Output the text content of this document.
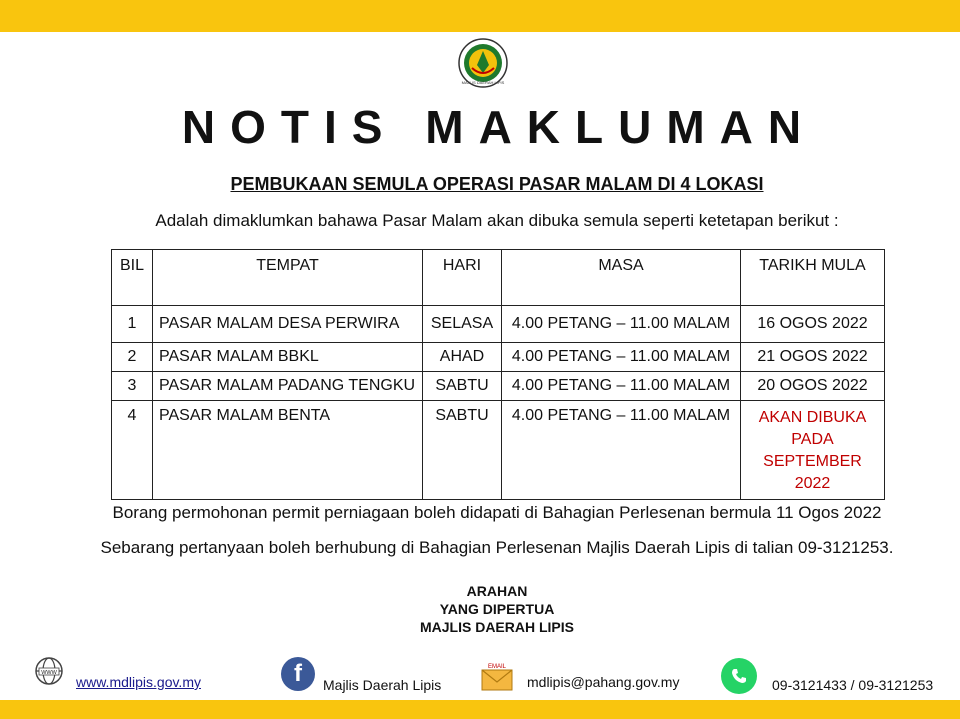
MAJLIS DAERAH LIPIS
NOTIS MAKLUMAN
PEMBUKAAN SEMULA OPERASI PASAR MALAM DI 4 LOKASI
Adalah dimaklumkan bahawa Pasar Malam akan dibuka semula seperti ketetapan berikut :
BIL	TEMPAT	HARI	MASA	TARIKH MULA
1	PASAR MALAM DESA PERWIRA	SELASA	4.00 PETANG – 11.00 MALAM	16 OGOS 2022
2	PASAR MALAM BBKL	AHAD	4.00 PETANG – 11.00 MALAM	21 OGOS 2022
3	PASAR MALAM PADANG TENGKU	SABTU	4.00 PETANG – 11.00 MALAM	20 OGOS 2022
4	PASAR MALAM BENTA	SABTU	4.00 PETANG – 11.00 MALAM	AKAN DIBUKA
PADA
SEPTEMBER
2022
Borang permohonan permit perniagaan boleh didapati di Bahagian Perlesenan bermula 11 Ogos 2022
Sebarang pertanyaan boleh berhubung di Bahagian Perlesenan Majlis Daerah Lipis di talian 09-3121253.
ARAHAN
YANG DIPERTUA
MAJLIS DAERAH LIPIS
WWW
www.mdlipis.gov.my	f	Majlis Daerah Lipis
EMAIL
mdlipis@pahang.gov.my	09-3121433 / 09-3121253
